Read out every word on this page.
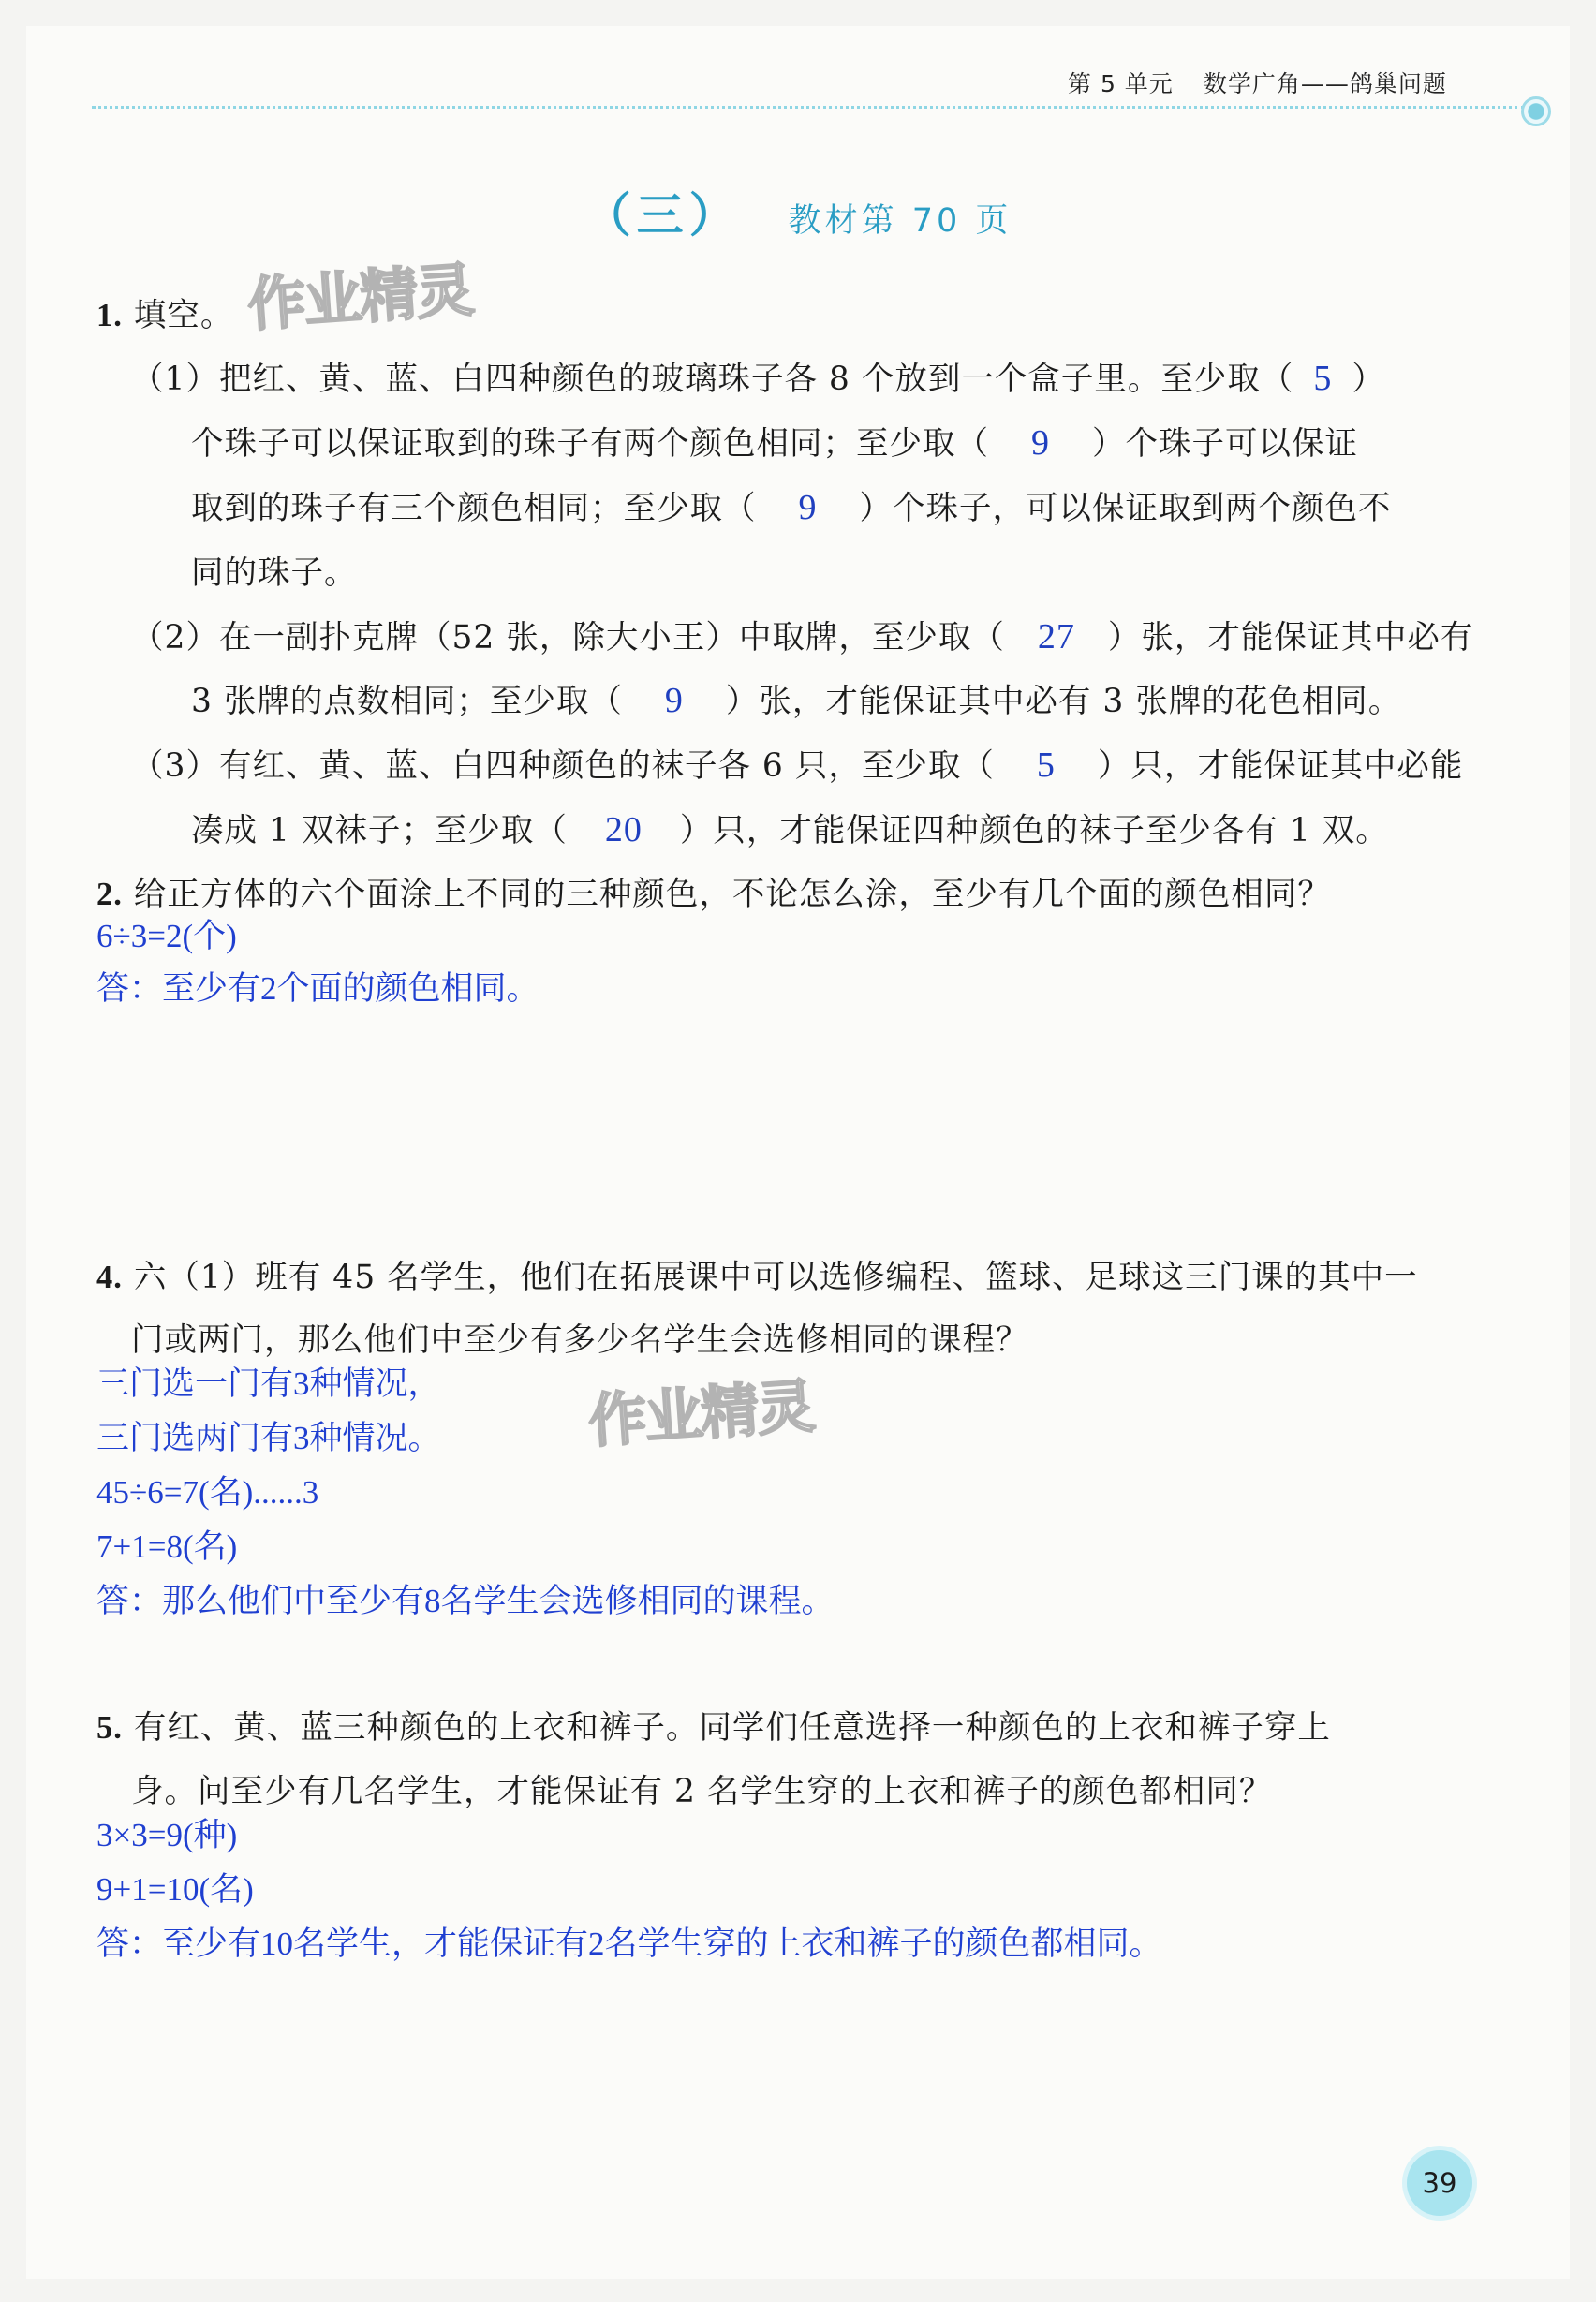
第 5 单元 数学广角——鸽巢问题
（三） 教材第 70 页
作业精灵
作业精灵
1. 填空。
（1）把红、黄、蓝、白四种颜色的玻璃珠子各 8 个放到一个盒子里。至少取（ 5 ）
个珠子可以保证取到的珠子有两个颜色相同；至少取（ 9 ）个珠子可以保证
取到的珠子有三个颜色相同；至少取（ 9 ）个珠子，可以保证取到两个颜色不
同的珠子。
（2）在一副扑克牌（52 张，除大小王）中取牌，至少取（ 27 ）张，才能保证其中必有
3 张牌的点数相同；至少取（ 9 ）张，才能保证其中必有 3 张牌的花色相同。
（3）有红、黄、蓝、白四种颜色的袜子各 6 只，至少取（ 5 ）只，才能保证其中必能
凑成 1 双袜子；至少取（ 20 ）只，才能保证四种颜色的袜子至少各有 1 双。
2. 给正方体的六个面涂上不同的三种颜色，不论怎么涂，至少有几个面的颜色相同？
6÷3=2(个)
答：至少有2个面的颜色相同。
4. 六（1）班有 45 名学生，他们在拓展课中可以选修编程、篮球、足球这三门课的其中一
门或两门，那么他们中至少有多少名学生会选修相同的课程？
三门选一门有3种情况，
三门选两门有3种情况。
45÷6=7(名)......3
7+1=8(名)
答：那么他们中至少有8名学生会选修相同的课程。
5. 有红、黄、蓝三种颜色的上衣和裤子。同学们任意选择一种颜色的上衣和裤子穿上
身。问至少有几名学生，才能保证有 2 名学生穿的上衣和裤子的颜色都相同？
3×3=9(种)
9+1=10(名)
答：至少有10名学生，才能保证有2名学生穿的上衣和裤子的颜色都相同。
39
